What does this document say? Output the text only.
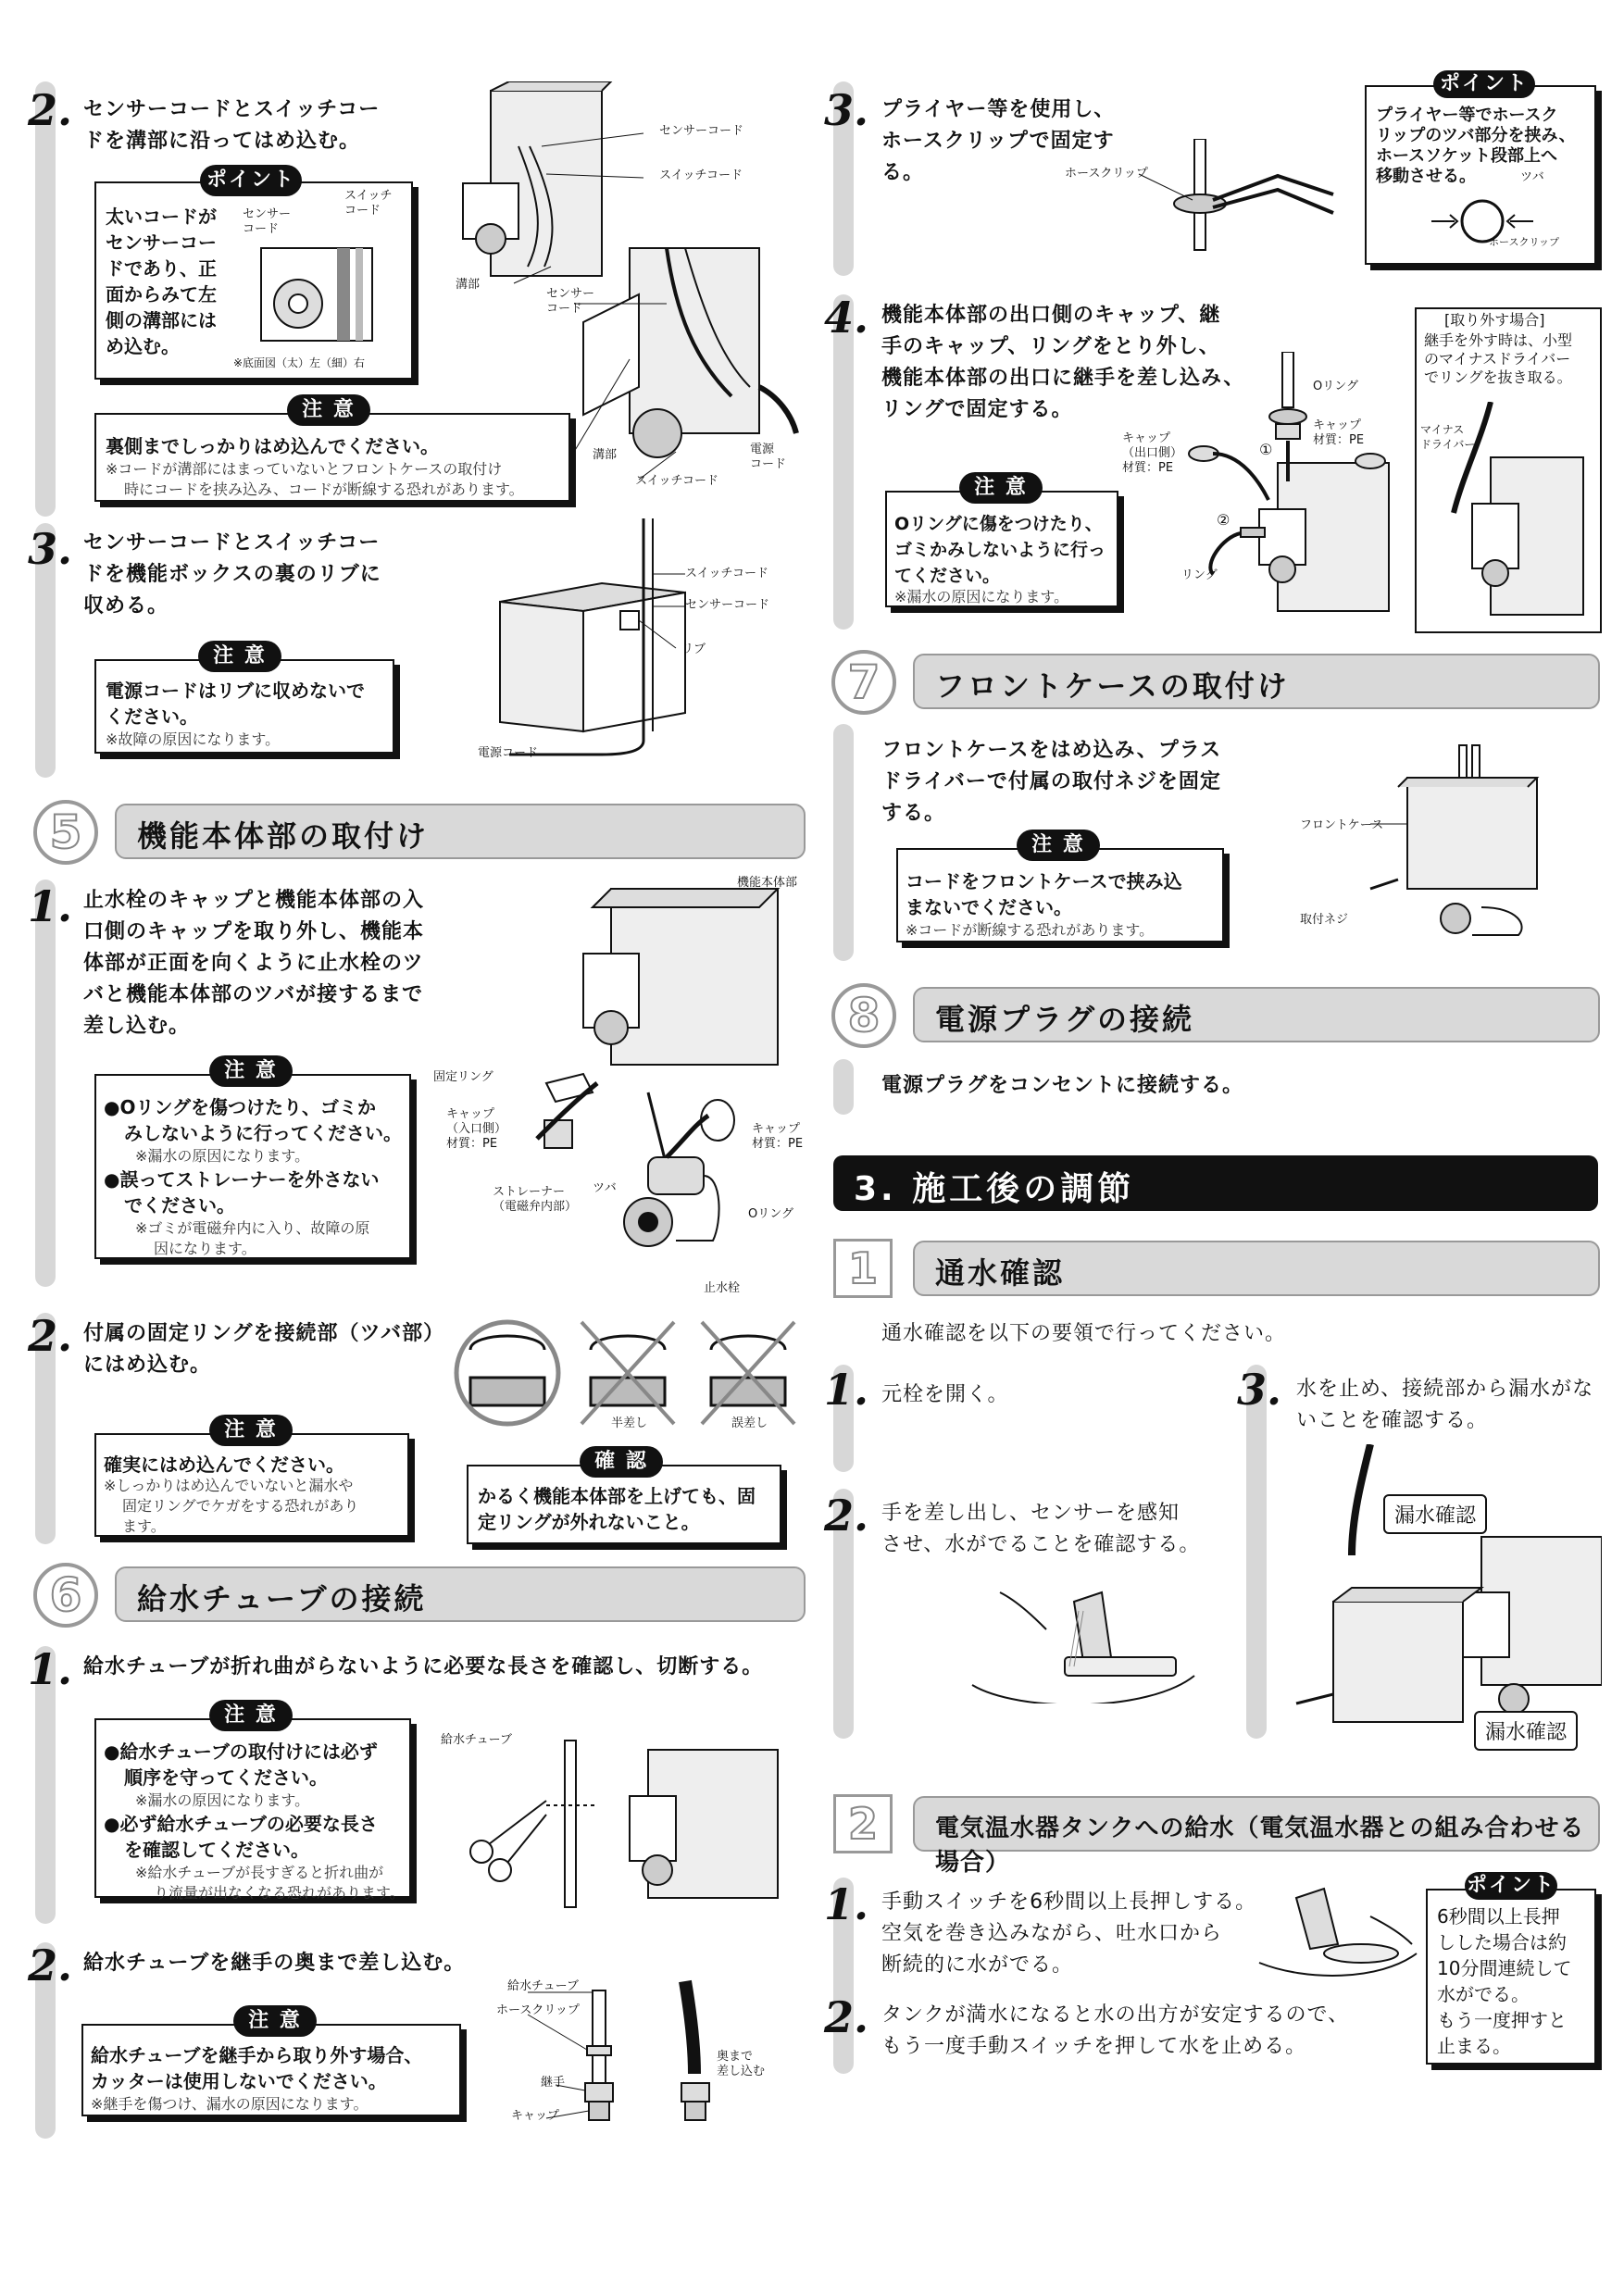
2. センサーコードとスイッチコー
ドを溝部に沿ってはめ込む。
太いコードが
センサーコー
ドであり、正
面からみて左
側の溝部には
め込む。
スイッチ
コード
センサー
コード
※底面図（太）左（細）右
ポイント
裏側までしっかりはめ込んでください。
※コードが溝部にはまっていないとフロントケースの取付け
時にコードを挟み込み、コードが断線する恐れがあります。
注 意
センサーコード
スイッチコード
センサー
コード
溝部
溝部
スイッチコード
電源
コード
3. センサーコードとスイッチコー
ドを機能ボックスの裏のリブに
収める。
電源コードはリブに収めないで
ください。
※故障の原因になります。
注 意
スイッチコード
センサーコード
リブ
電源コード
5	機能本体部の取付け
1. 止水栓のキャップと機能本体部の入
口側のキャップを取り外し、機能本
体部が正面を向くように止水栓のツ
バと機能本体部のツバが接するまで
差し込む。
●Oリングを傷つけたり、ゴミか
みしないように行ってください。
※漏水の原因になります。
●誤ってストレーナーを外さない
でください。
※ゴミが電磁弁内に入り、故障の原
因になります。
注 意
機能本体部
固定リング
キャップ
（入口側）
材質：PE
キャップ
材質：PE
ストレーナー
（電磁弁内部）
ツバ
Oリング
止水栓
2. 付属の固定リングを接続部（ツバ部）
にはめ込む。
確実にはめ込んでください。
※しっかりはめ込んでいないと漏水や
固定リングでケガをする恐れがあり
ます。
注 意
かるく機能本体部を上げても、固
定リングが外れないこと。
確 認
半差し	誤差し
6	給水チューブの接続
1. 給水チューブが折れ曲がらないように必要な長さを確認し、切断する。
●給水チューブの取付けには必ず
順序を守ってください。
※漏水の原因になります。
●必ず給水チューブの必要な長さ
を確認してください。
※給水チューブが長すぎると折れ曲が
り流量が出なくなる恐れがあります。
注 意
給水チューブ
2. 給水チューブを継手の奥まで差し込む。
給水チューブを継手から取り外す場合、
カッターは使用しないでください。
※継手を傷つけ、漏水の原因になります。
注 意
給水チューブ
ホースクリップ
継手
キャップ
奥まで
差し込む
3. プライヤー等を使用し、
ホースクリップで固定す
る。	ホースクリップ
プライヤー等でホースク
リップのツバ部分を挟み、
ホースソケット段部上へ
移動させる。	ツバ
ホースクリップ
ポイント
4. 機能本体部の出口側のキャップ、継
手のキャップ、リングをとり外し、
機能本体部の出口に継手を差し込み、
リングで固定する。
Oリングに傷をつけたり、
ゴミかみしないように行っ
てください。
※漏水の原因になります。
注 意
Oリング
キャップ
材質：PE
キャップ
（出口側）
材質：PE
①
②
リング
[取り外す場合]
継手を外す時は、小型
のマイナスドライバー
でリングを抜き取る。
マイナス
ドライバー
7	フロントケースの取付け
フロントケースをはめ込み、プラス
ドライバーで付属の取付ネジを固定
する。
コードをフロントケースで挟み込
まないでください。
※コードが断線する恐れがあります。
注 意
フロントケース
取付ネジ
8	電源プラグの接続
電源プラグをコンセントに接続する。
3. 施工後の調節
1	通水確認
通水確認を以下の要領で行ってください。
1. 元栓を開く。
2. 手を差し出し、センサーを感知
させ、水がでることを確認する。
3. 水を止め、接続部から漏水がな
いことを確認する。
漏水確認
漏水確認
2	電気温水器タンクへの給水（電気温水器との組み合わせる場合）
1. 手動スイッチを6秒間以上長押しする。
空気を巻き込みながら、吐水口から
断続的に水がでる。
2. タンクが満水になると水の出方が安定するので、
もう一度手動スイッチを押して水を止める。
6秒間以上長押
しした場合は約
10分間連続して
水がでる。
もう一度押すと
止まる。
ポイント
